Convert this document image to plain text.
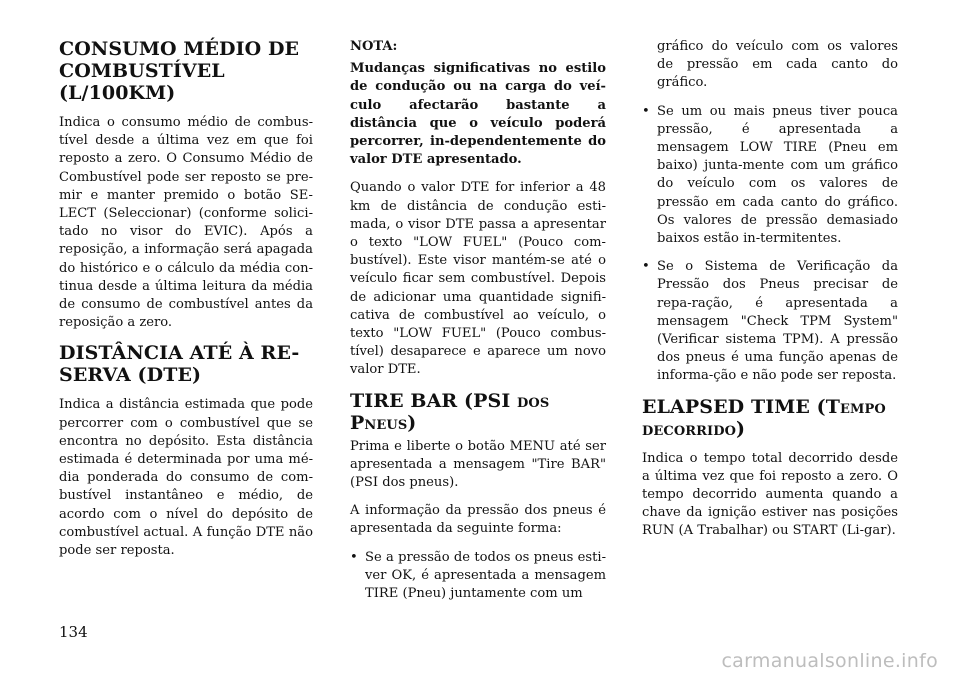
CONSUMO MÉDIO DE COMBUSTÍVEL (L/100KM)

Indica o consumo médio de combus-tível desde a última vez em que foi reposto a zero. O Consumo Médio de Combustível pode ser reposto se pre-mir e manter premido o botão SE-LECT (Seleccionar) (conforme solici-tado no visor do EVIC). Após a reposição, a informação será apagada do histórico e o cálculo da média con-tinua desde a última leitura da média de consumo de combustível antes da reposição a zero.

DISTÂNCIA ATÉ À RE-SERVA (DTE)

Indica a distância estimada que pode percorrer com o combustível que se encontra no depósito. Esta distância estimada é determinada por uma mé-dia ponderada do consumo de com-bustível instantâneo e médio, de acordo com o nível do depósito de combustível actual. A função DTE não pode ser reposta.

NOTA:

Mudanças significativas no estilo de condução ou na carga do veí-culo afectarão bastante a distância que o veículo poderá percorrer, in-dependentemente do valor DTE apresentado.

Quando o valor DTE for inferior a 48 km de distância de condução esti-mada, o visor DTE passa a apresentar o texto "LOW FUEL" (Pouco com-bustível). Este visor mantém-se até o veículo ficar sem combustível. Depois de adicionar uma quantidade signifi-cativa de combustível ao veículo, o texto "LOW FUEL" (Pouco combus-tível) desaparece e aparece um novo valor DTE.

TIRE BAR (PSI dos Pneus)

Prima e liberte o botão MENU até ser apresentada a mensagem "Tire BAR" (PSI dos pneus).

A informação da pressão dos pneus é apresentada da seguinte forma:

• Se a pressão de todos os pneus esti-ver OK, é apresentada a mensagem TIRE (Pneu) juntamente com um
gráfico do veículo com os valores de pressão em cada canto do gráfico.
• Se um ou mais pneus tiver pouca pressão, é apresentada a mensagem LOW TIRE (Pneu em baixo) junta-mente com um gráfico do veículo com os valores de pressão em cada canto do gráfico. Os valores de pressão demasiado baixos estão in-termitentes.
• Se o Sistema de Verificação da Pressão dos Pneus precisar de repa-ração, é apresentada a mensagem "Check TPM System" (Verificar sistema TPM). A pressão dos pneus é uma função apenas de informa-ção e não pode ser reposta.
ELAPSED TIME (Tempo decorrido)

Indica o tempo total decorrido desde a última vez que foi reposto a zero. O tempo decorrido aumenta quando a chave da ignição estiver nas posições RUN (A Trabalhar) ou START (Li-gar).

134
carmanualsonline.info
